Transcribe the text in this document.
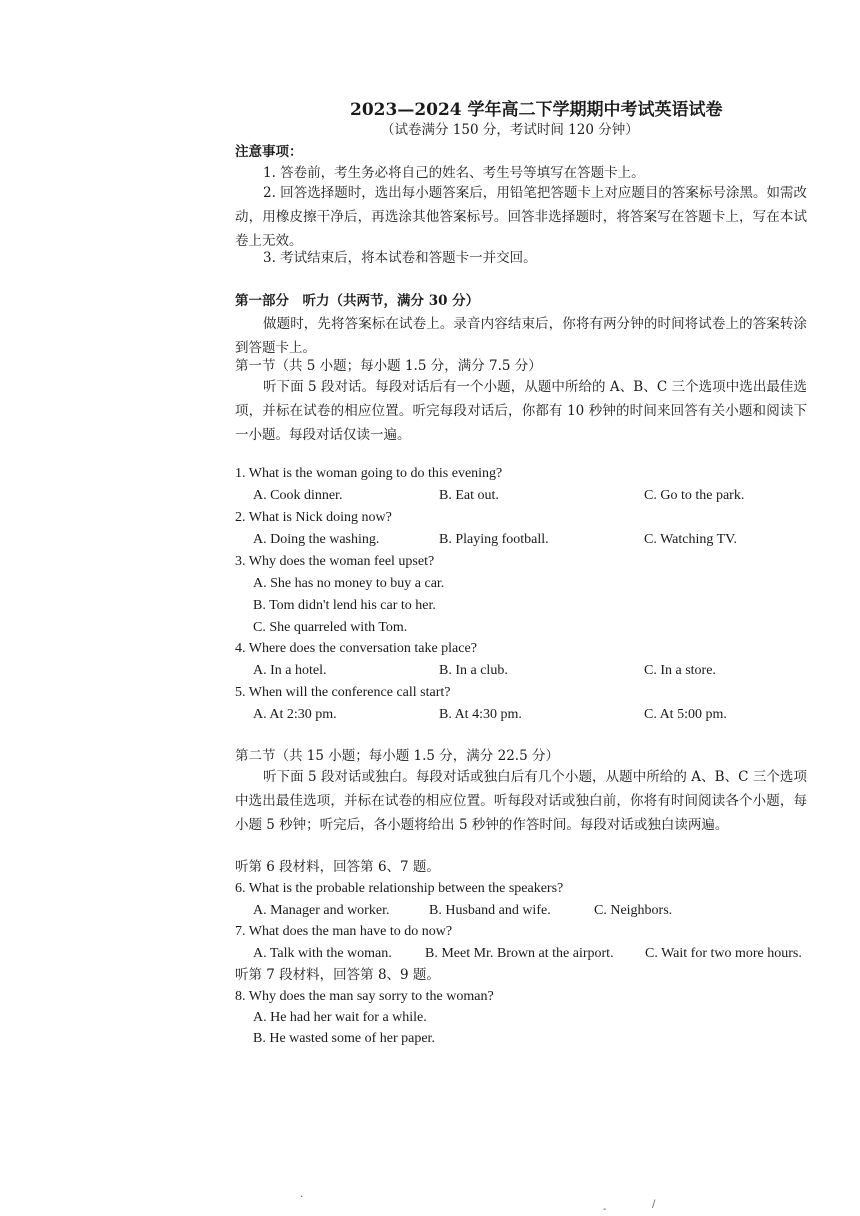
2023—2024 学年高二下学期期中考试英语试卷
（试卷满分 150 分，考试时间 120 分钟）
注意事项：
1. 答卷前，考生务必将自己的姓名、考生号等填写在答题卡上。
2. 回答选择题时，选出每小题答案后，用铅笔把答题卡上对应题目的答案标号涂黑。如需改动，用橡皮擦干净后，再选涂其他答案标号。回答非选择题时，将答案写在答题卡上，写在本试卷上无效。
3. 考试结束后，将本试卷和答题卡一并交回。
第一部分　听力（共两节，满分 30 分）
做题时，先将答案标在试卷上。录音内容结束后，你将有两分钟的时间将试卷上的答案转涂到答题卡上。
第一节（共 5 小题；每小题 1.5 分，满分 7.5 分）
听下面 5 段对话。每段对话后有一个小题，从题中所给的 A、B、C 三个选项中选出最佳选项，并标在试卷的相应位置。听完每段对话后，你都有 10 秒钟的时间来回答有关小题和阅读下一小题。每段对话仅读一遍。
1. What is the woman going to do this evening?
A. Cook dinner.	B. Eat out.	C. Go to the park.
2. What is Nick doing now?
A. Doing the washing.	B. Playing football.	C. Watching TV.
3. Why does the woman feel upset?
A. She has no money to buy a car.
B. Tom didn't lend his car to her.
C. She quarreled with Tom.
4. Where does the conversation take place?
A. In a hotel.	B. In a club.	C. In a store.
5. When will the conference call start?
A. At 2:30 pm.	B. At 4:30 pm.	C. At 5:00 pm.
第二节（共 15 小题；每小题 1.5 分，满分 22.5 分）
听下面 5 段对话或独白。每段对话或独白后有几个小题，从题中所给的 A、B、C 三个选项中选出最佳选项，并标在试卷的相应位置。听每段对话或独白前，你将有时间阅读各个小题，每小题 5 秒钟；听完后，各小题将给出 5 秒钟的作答时间。每段对话或独白读两遍。
听第 6 段材料，回答第 6、7 题。
6. What is the probable relationship between the speakers?
A. Manager and worker.	B. Husband and wife.	C. Neighbors.
7. What does the man have to do now?
A. Talk with the woman. B. Meet Mr. Brown at the airport. C. Wait for two more hours.
听第 7 段材料，回答第 8、9 题。
8. Why does the man say sorry to the woman?
A. He had her wait for a while.
B. He wasted some of her paper.
·
-	/
